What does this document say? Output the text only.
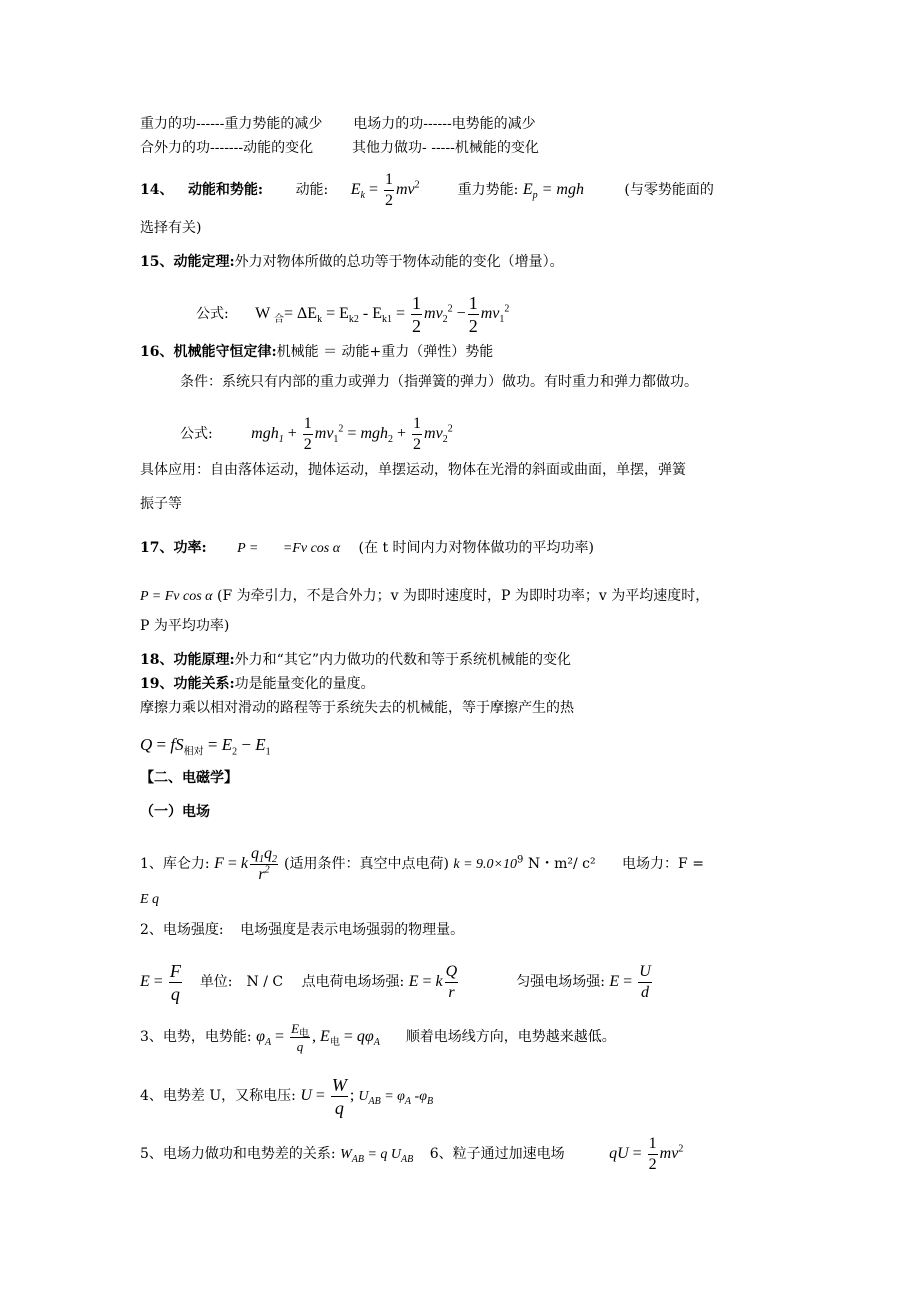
重力的功------重力势能的减少 电场力的功------电势能的减少
合外力的功-------动能的变化	其他力做功- -----机械能的变化
14、 动能和势能: 动能: $E_k = \frac{1}{2} mv^2$	重力势能: $E_p$ = mgh	(与零势能面的
选择有关)
15、动能定理:外力对物体所做的总功等于物体动能的变化（增量）。
公式: W $_合= \Delta E_k = E_{k2} - E_{k1} = \frac{1}{2} mv_2^2 - \frac{1}{2} mv_1^2$
16、机械能守恒定律:机械能 ＝ 动能+重力（弹性）势能
条件：系统只有内部的重力或弹力（指弹簧的弹力）做功。有时重力和弹力都做功。
公式: $mgh_1 + \frac{1}{2} mv_1^2 = mgh_2 + \frac{1}{2} mv_2^2$
具体应用：自由落体运动，抛体运动，单摆运动，物体在光滑的斜面或曲面，单摆，弹簧
振子等
17、功率: P =       =Fv cos α (在 t 时间内力对物体做功的平均功率)
P = Fv cos α (F 为牵引力，不是合外力；v 为即时速度时，P 为即时功率；v 为平均速度时，
P 为平均功率)
18、功能原理:外力和“其它”内力做功的代数和等于系统机械能的变化
19、功能关系:功是能量变化的量度。
摩擦力乘以相对滑动的路程等于系统失去的机械能，等于摩擦产生的热
$Q = fS_{相对} = E_2 - E_1$
【二、电磁学】
（一）电场
1、库仑力: F = k $\frac{q_1q_2}{r^2}$ (适用条件：真空中点电荷) $k = 9.0\times 10^9$ N・m²/ c² 电场力：F =
E q
2、电场强度: 电场强度是表示电场强弱的物理量。
$E = \frac{F}{q}$ 单位:　N / C 点电荷电场场强: E = k $\frac{Q}{r}$	匀强电场场强: $E = \frac{U}{d}$
3、电势，电势能: $\varphi_A = E_电$
q
, $E_电 = q\varphi_A$ 顺着电场线方向，电势越来越低。
4、电势差 U，又称电压: $U = \frac{W}{q}$ ; $U_{AB} = \varphi_A$ $-\varphi_B$
5、电场力做功和电势差的关系: $W_{AB} = q$ $U_{AB}$ 6、粒子通过加速电场	qU = $\frac{1}{2} mv^2$
